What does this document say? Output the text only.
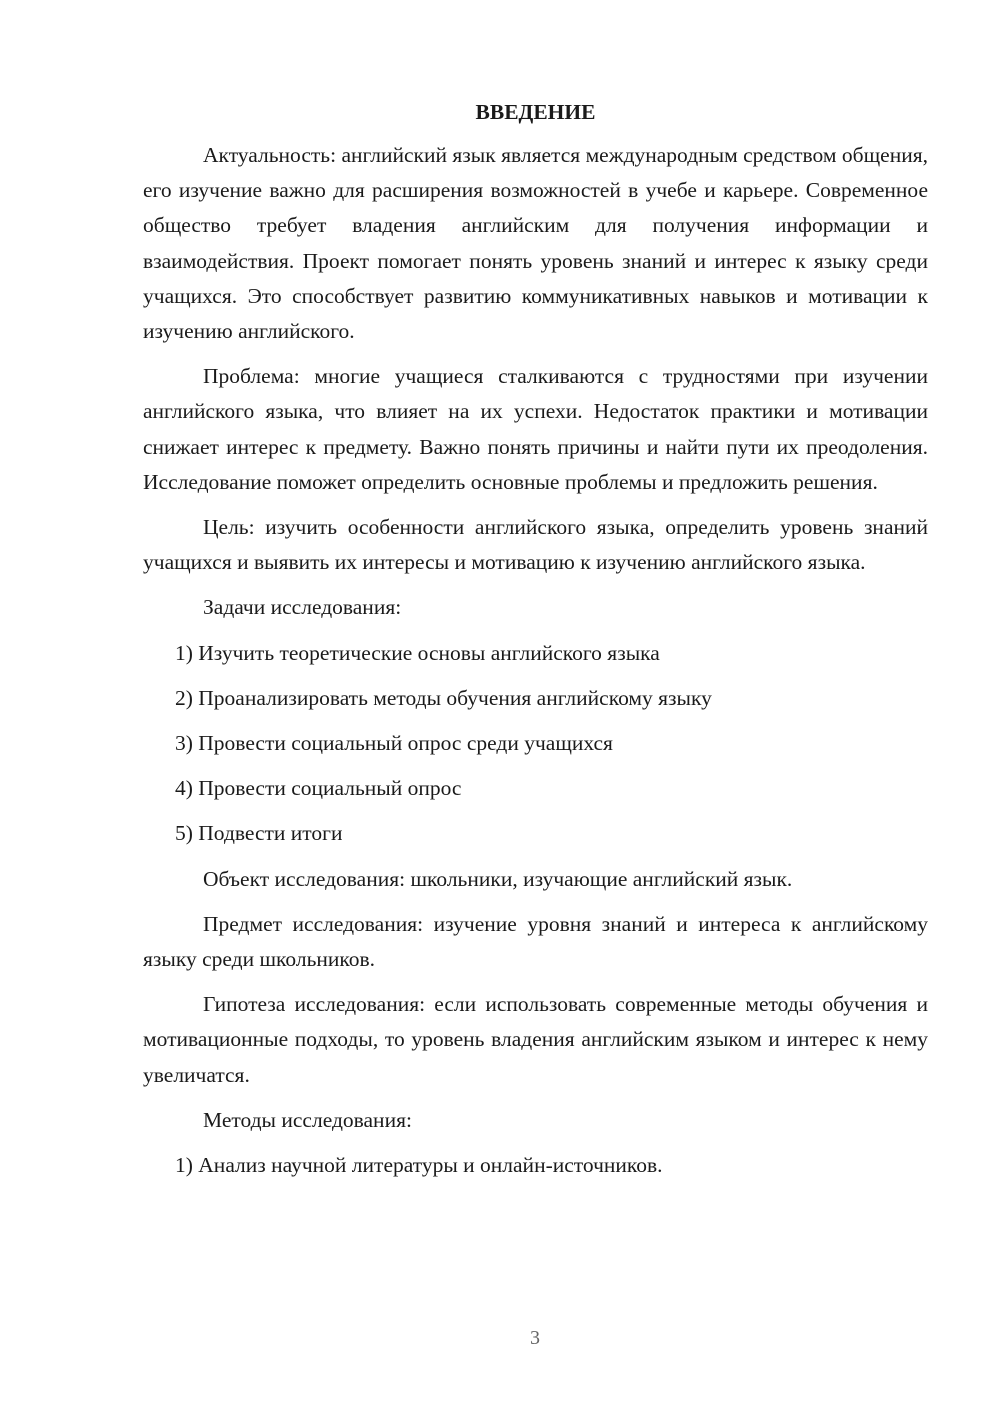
ВВЕДЕНИЕ

Актуальность: английский язык является международным средством общения, его изучение важно для расширения возможностей в учебе и карьере. Современное общество требует владения английским для получения информации и взаимодействия. Проект помогает понять уровень знаний и интерес к языку среди учащихся. Это способствует развитию коммуникативных навыков и мотивации к изучению английского.

Проблема: многие учащиеся сталкиваются с трудностями при изучении английского языка, что влияет на их успехи. Недостаток практики и мотивации снижает интерес к предмету. Важно понять причины и найти пути их преодоления. Исследование поможет определить основные проблемы и предложить решения.

Цель: изучить особенности английского языка, определить уровень знаний учащихся и выявить их интересы и мотивацию к изучению английского языка.

Задачи исследования:

1) Изучить теоретические основы английского языка
2) Проанализировать методы обучения английскому языку
3) Провести социальный опрос среди учащихся
4) Провести социальный опрос
5) Подвести итоги

Объект исследования: школьники, изучающие английский язык.

Предмет исследования: изучение уровня знаний и интереса к английскому языку среди школьников.

Гипотеза исследования: если использовать современные методы обучения и мотивационные подходы, то уровень владения английским языком и интерес к нему увеличатся.

Методы исследования:

1) Анализ научной литературы и онлайн-источников.
3
